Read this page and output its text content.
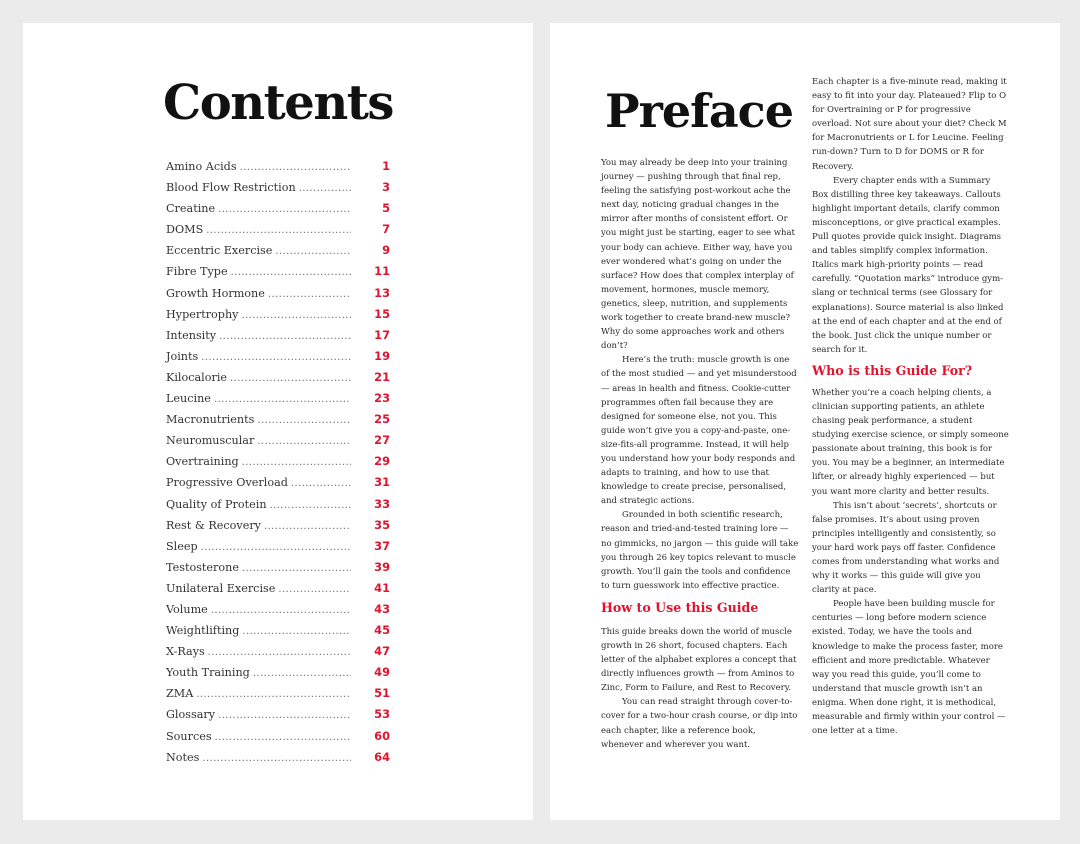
Contents
Amino Acids .....	1
Blood Flow Restriction .....	3
Creatine .....	5
DOMS .....	7
Eccentric Exercise .....	9
Fibre Type .....	11
Growth Hormone .....	13
Hypertrophy .....	15
Intensity .....	17
Joints .....	19
Kilocalorie .....	21
Leucine .....	23
Macronutrients .....	25
Neuromuscular .....	27
Overtraining .....	29
Progressive Overload .....	31
Quality of Protein .....	33
Rest & Recovery .....	35
Sleep .....	37
Testosterone .....	39
Unilateral Exercise .....	41
Volume .....	43
Weightlifting .....	45
X-Rays .....	47
Youth Training .....	49
ZMA .....	51
Glossary .....	53
Sources .....	60
Notes .....	64
Preface

You may already be deep into your training journey — pushing through that final rep, feeling the satisfying post-workout ache the next day, noticing gradual changes in the mirror after months of consistent effort. Or you might just be starting, eager to see what your body can achieve. Either way, have you ever wondered what’s going on under the surface? How does that complex interplay of movement, hormones, muscle memory, genetics, sleep, nutrition, and supplements work together to create brand-new muscle? Why do some approaches work and others don’t?

Here’s the truth: muscle growth is one of the most studied — and yet misunderstood — areas in health and fitness. Cookie-cutter programmes often fail because they are designed for someone else, not you. This guide won’t give you a copy-and-paste, one-size-fits-all programme. Instead, it will help you understand how your body responds and adapts to training, and how to use that knowledge to create precise, personalised, and strategic actions.

Grounded in both scientific research, reason and tried-and-tested training lore — no gimmicks, no jargon — this guide will take you through 26 key topics relevant to muscle growth. You’ll gain the tools and confidence to turn guesswork into effective practice.

How to Use this Guide

This guide breaks down the world of muscle growth in 26 short, focused chapters. Each letter of the alphabet explores a concept that directly influences growth — from Aminos to Zinc, Form to Failure, and Rest to Recovery.

You can read straight through cover-to-cover for a two-hour crash course, or dip into each chapter, like a reference book, whenever and wherever you want.

Each chapter is a five-minute read, making it easy to fit into your day. Plateaued? Flip to O for Overtraining or P for progressive overload. Not sure about your diet? Check M for Macronutrients or L for Leucine. Feeling run-down? Turn to D for DOMS or R for Recovery.

Every chapter ends with a Summary Box distilling three key takeaways. Callouts highlight important details, clarify common misconceptions, or give practical examples. Pull quotes provide quick insight. Diagrams and tables simplify complex information. Italics mark high-priority points — read carefully. “Quotation marks” introduce gym-slang or technical terms (see Glossary for explanations). Source material is also linked at the end of each chapter and at the end of the book. Just click the unique number or search for it.

Who is this Guide For?

Whether you’re a coach helping clients, a clinician supporting patients, an athlete chasing peak performance, a student studying exercise science, or simply someone passionate about training, this book is for you. You may be a beginner, an intermediate lifter, or already highly experienced — but you want more clarity and better results.

This isn’t about ‘secrets’, shortcuts or false promises. It’s about using proven principles intelligently and consistently, so your hard work pays off faster. Confidence comes from understanding what works and why it works — this guide will give you clarity at pace.

People have been building muscle for centuries — long before modern science existed. Today, we have the tools and knowledge to make the process faster, more efficient and more predictable. Whatever way you read this guide, you’ll come to understand that muscle growth isn’t an enigma. When done right, it is methodical, measurable and firmly within your control — one letter at a time.
